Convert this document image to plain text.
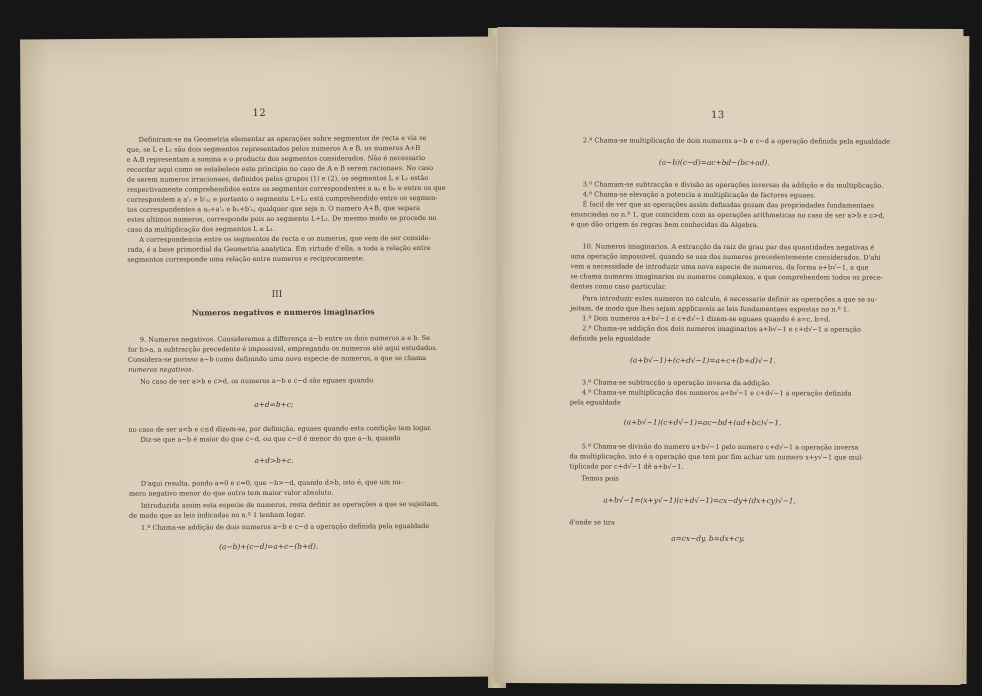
12
Definiram-se na Geometria elementar as operações sobre segmentos de recta e via se
que, se L e L₁ são dois segmentos representados pelos numeros A e B, os numeros A+B
e A.B representam a somma e o producto dos segmentos considerados. Não é necessario
recordar aqui como se estabelece este principio no caso de A e B serem racionaes. No caso
de serem numeros irracionaes, definidos pelos grupos (1) e (2), os segmentos L e L₁ estão
respectivamente comprehendidos entre os segmentos correspondentes a aₙ e bₙ e entre os que
correspondem a a'ₙ e b'ₙ; e portanto o segmento L+L₁ está comprehendido entre os segmen-
tos correspondentes a aₙ+a'ₙ e bₙ+b'ₙ, qualquer que seja n. O numero A+B, que separa
estes ultimos numeros, corresponde pois ao segmento L+L₁. De mesmo modo se procede no
caso da multiplicação dos segmentos L e L₁.
A correspondencia entre os segmentos de recta e os numeros, que vem de ser conside-
rada, é a base primordial da Geometria analytica. Em virtude d'ella, a toda a relação entre
segmentos corresponde uma relação entre numeros e reciprocamente.
III
Numeros negativos e numeros imaginarios
9. Numeros negativos. Consideremos a differença a−b entre os dois numeros a e b. Se
for b>a, a subtracção precedente é impossivel, empregando os numeros até aqui estudados.
Considera-se porisso a−b como definindo uma nova especie de numeros, a que se chama
numeros negativos.
No caso de ser a>b e c>d, os numeros a−b e c−d são eguaes quando
a+d=b+c;
no caso de ser a<b e c≤d dizem-se, por definição, eguaes quando esta condição tem logar.
Diz-se que a−b é maior do que c−d, ou que c−d é menor do que a−b, quando
a+d>b+c.
D'aqui resulta, pondo a=0 e c=0, que −b>−d, quando d>b, isto é, que um nu-
mero negativo menor do que outro tem maior valor absoluto.
Introduzida assim esta especie de numeros, resta definir as operações a que se sujeitam,
de modo que as leis indicadas no n.º 1 tenham logar.
1.º Chama-se addição de dois numeros a−b e c−d a operação definida pela egualdade
(a−b)+(c−d)=a+c−(b+d).
13
2.º Chama-se multiplicação de dois numeros a−b e c−d a operação definida pela egualdade
(a−b)(c−d)=ac+bd−(bc+ad).
3.º Chamam-se subtracção e divisão as operações inversas da addição e da multiplicação.
4.º Chama-se elevação a potencia a multiplicação de factores eguaes.
É facil de ver que as operações assim definidas gozam das propriedades fundamentaes
enunciadas no n.º 1, que coincidem com as operações arithmeticas no caso de ser a>b e c>d,
e que dão origem ás regras bem conhecidas da Algebra.
10. Numeros imaginarios. A extracção da raiz de grau par das quantidades negativas é
uma operação impossivel, quando se usa dos numeros precedentemente considerados. D'ahi
vem a necessidade de introduzir uma nova especie de numeros, da forma a+b√−1, a que
se chama numeros imaginarios ou numeros complexos, e que comprehendem todos os prece-
dentes como caso particular.
Para introduzir estes numeros no calculo, é necessario definir as operações a que se su-
jeitam, de modo que lhes sejam applicaveis as leis fundamentaes expostas no n.º 1.
1.º Dois numeros a+b√−1 e c+d√−1 dizem-se eguaes quando é a=c, b=d.
2.º Chama-se addição dos dois numeros imaginarios a+b√−1 e c+d√−1 a operação
definida pela egualdade
(a+b√−1)+(c+d√−1)=a+c+(b+d)√−1.
3.º Chama-se subtracção a operação inversa da addição.
4.º Chama-se multiplicação dos numeros a+b√−1 e c+d√−1 a operação definida
pela egualdade
(a+b√−1)(c+d√−1)=ac−bd+(ad+bc)√−1.
5.º Chama-se divisão do numero a+b√−1 pelo numero c+d√−1 a operação inversa
da multiplicação, isto é a operação que tem por fim achar um numero x+y√−1 que mul-
tiplicado por c+d√−1 dê a+b√−1.
Temos pois
a+b√−1=(x+y√−1)(c+d√−1)=cx−dy+(dx+cy)√−1,
d'onde se tira
a=cx−dy, b=dx+cy.
